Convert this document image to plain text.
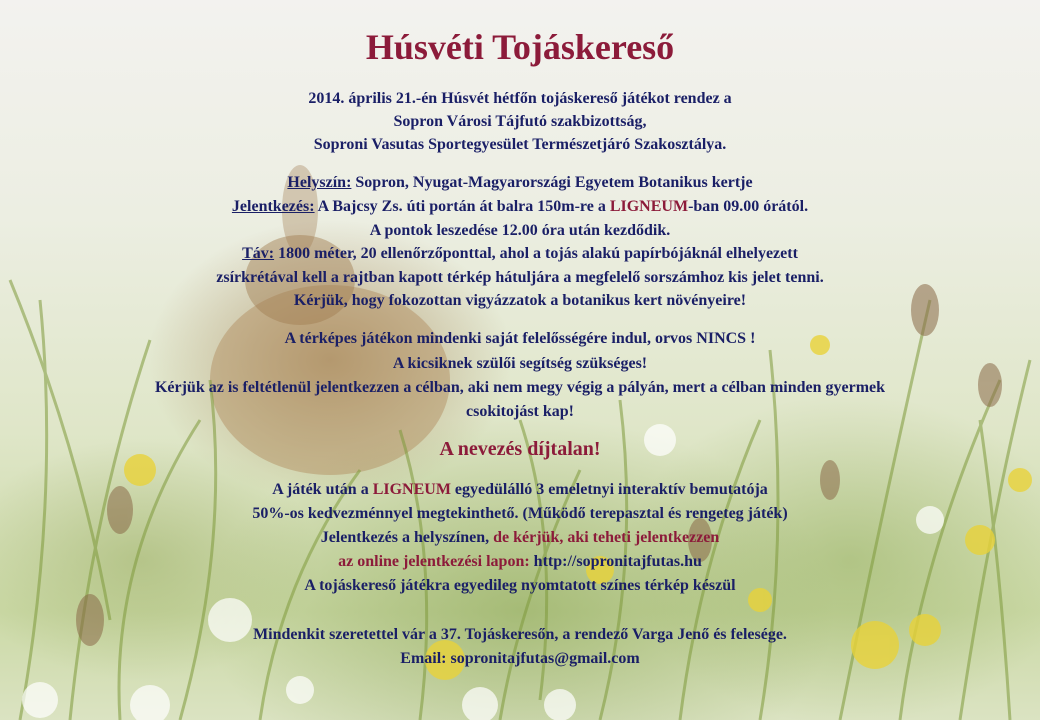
Húsvéti Tojáskereső
2014. április 21.-én Húsvét hétfőn tojáskereső játékot rendez a
Sopron Városi Tájfutó szakbizottság,
Soproni Vasutas Sportegyesület Természetjáró Szakosztálya.
Helyszín: Sopron, Nyugat-Magyarországi Egyetem Botanikus kertje
Jelentkezés: A Bajcsy Zs. úti portán át balra 150m-re a LIGNEUM-ban 09.00 órától.
A pontok leszedése 12.00 óra után kezdődik.
Táv: 1800 méter, 20 ellenőrzőponttal, ahol a tojás alakú papírbójáknál elhelyezett
zsírkrétával kell a rajtban kapott térkép hátuljára a megfelelő sorszámhoz kis jelet tenni.
Kérjük, hogy fokozottan vigyázzatok a botanikus kert növényeire!
A térképes játékon mindenki saját felelősségére indul, orvos NINCS !
A kicsiknek szülői segítség szükséges!
Kérjük az is feltétlenül jelentkezzen a célban, aki nem megy végig a pályán, mert a célban minden gyermek
csokitojást kap!
A nevezés díjtalan!
A játék után a LIGNEUM egyedülálló 3 emeletnyi interaktív bemutatója
50%-os kedvezménnyel megtekinthető. (Működő terepasztal és rengeteg játék)
Jelentkezés a helyszínen, de kérjük, aki teheti jelentkezzen
az online jelentkezési lapon: http://sopronitajfutas.hu
A tojáskereső játékra egyedileg nyomtatott színes térkép készül
Mindenkit szeretettel vár a 37. Tojáskeresőn, a rendező Varga Jenő és felesége.
Email: sopronitajfutas@gmail.com
